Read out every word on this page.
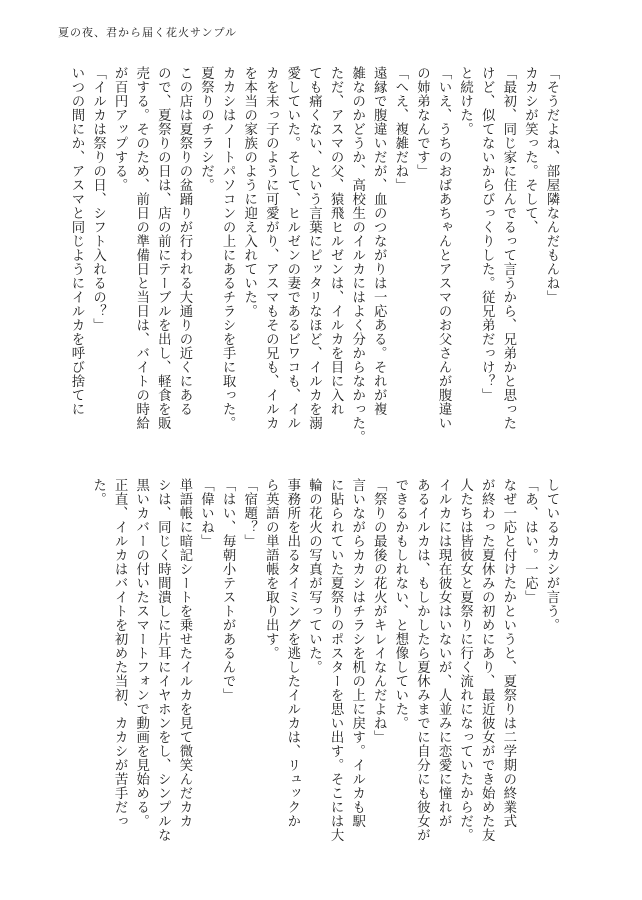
夏の夜、君から届く花火サンプル
「そうだよね、部屋隣なんだもんね」
カカシが笑った。そして、
「最初、同じ家に住んでるって言うから、兄弟かと思った
けど、似てないからびっくりした。従兄弟だっけ？」
と続けた。
「いえ、うちのおばあちゃんとアスマのお父さんが腹違い
の姉弟なんです」
「へえ、複雑だね」
遠縁で腹違いだが、血のつながりは一応ある。それが複
雑なのかどうか、高校生のイルカにはよく分からなかった。
ただ、アスマの父、猿飛ヒルゼンは、イルカを目に入れ
ても痛くない、という言葉にピッタリなほど、イルカを溺
愛していた。そして、ヒルゼンの妻であるビワコも、イル
カを末っ子のように可愛がり、アスマもその兄も、イルカ
を本当の家族のように迎え入れていた。
カカシはノートパソコンの上にあるチラシを手に取った。
夏祭りのチラシだ。
この店は夏祭りの盆踊りが行われる大通りの近くにある
ので、夏祭りの日は、店の前にテーブルを出し、軽食を販
売する。そのため、前日の準備日と当日は、バイトの時給
が百円アップする。
「イルカは祭りの日、シフト入れるの？」
いつの間にか、アスマと同じようにイルカを呼び捨てに
しているカカシが言う。
「あ、はい。一応」
なぜ一応と付けたかというと、夏祭りは二学期の終業式
が終わった夏休みの初めにあり、最近彼女ができ始めた友
人たちは皆彼女と夏祭りに行く流れになっていたからだ。
イルカには現在彼女はいないが、人並みに恋愛に憧れが
あるイルカは、もしかしたら夏休みまでに自分にも彼女が
できるかもしれない、と想像していた。
「祭りの最後の花火がキレイなんだよね」
言いながらカカシはチラシを机の上に戻す。イルカも駅
に貼られていた夏祭りのポスターを思い出す。そこには大
輪の花火の写真が写っていた。
事務所を出るタイミングを逃したイルカは、リュックか
ら英語の単語帳を取り出す。
「宿題？」
「はい、毎朝小テストがあるんで」
「偉いね」
単語帳に暗記シートを乗せたイルカを見て微笑んだカカ
シは、同じく時間潰しに片耳にイヤホンをし、シンプルな
黒いカバーの付いたスマートフォンで動画を見始める。
正直、イルカはバイトを初めた当初、カカシが苦手だっ
た。
